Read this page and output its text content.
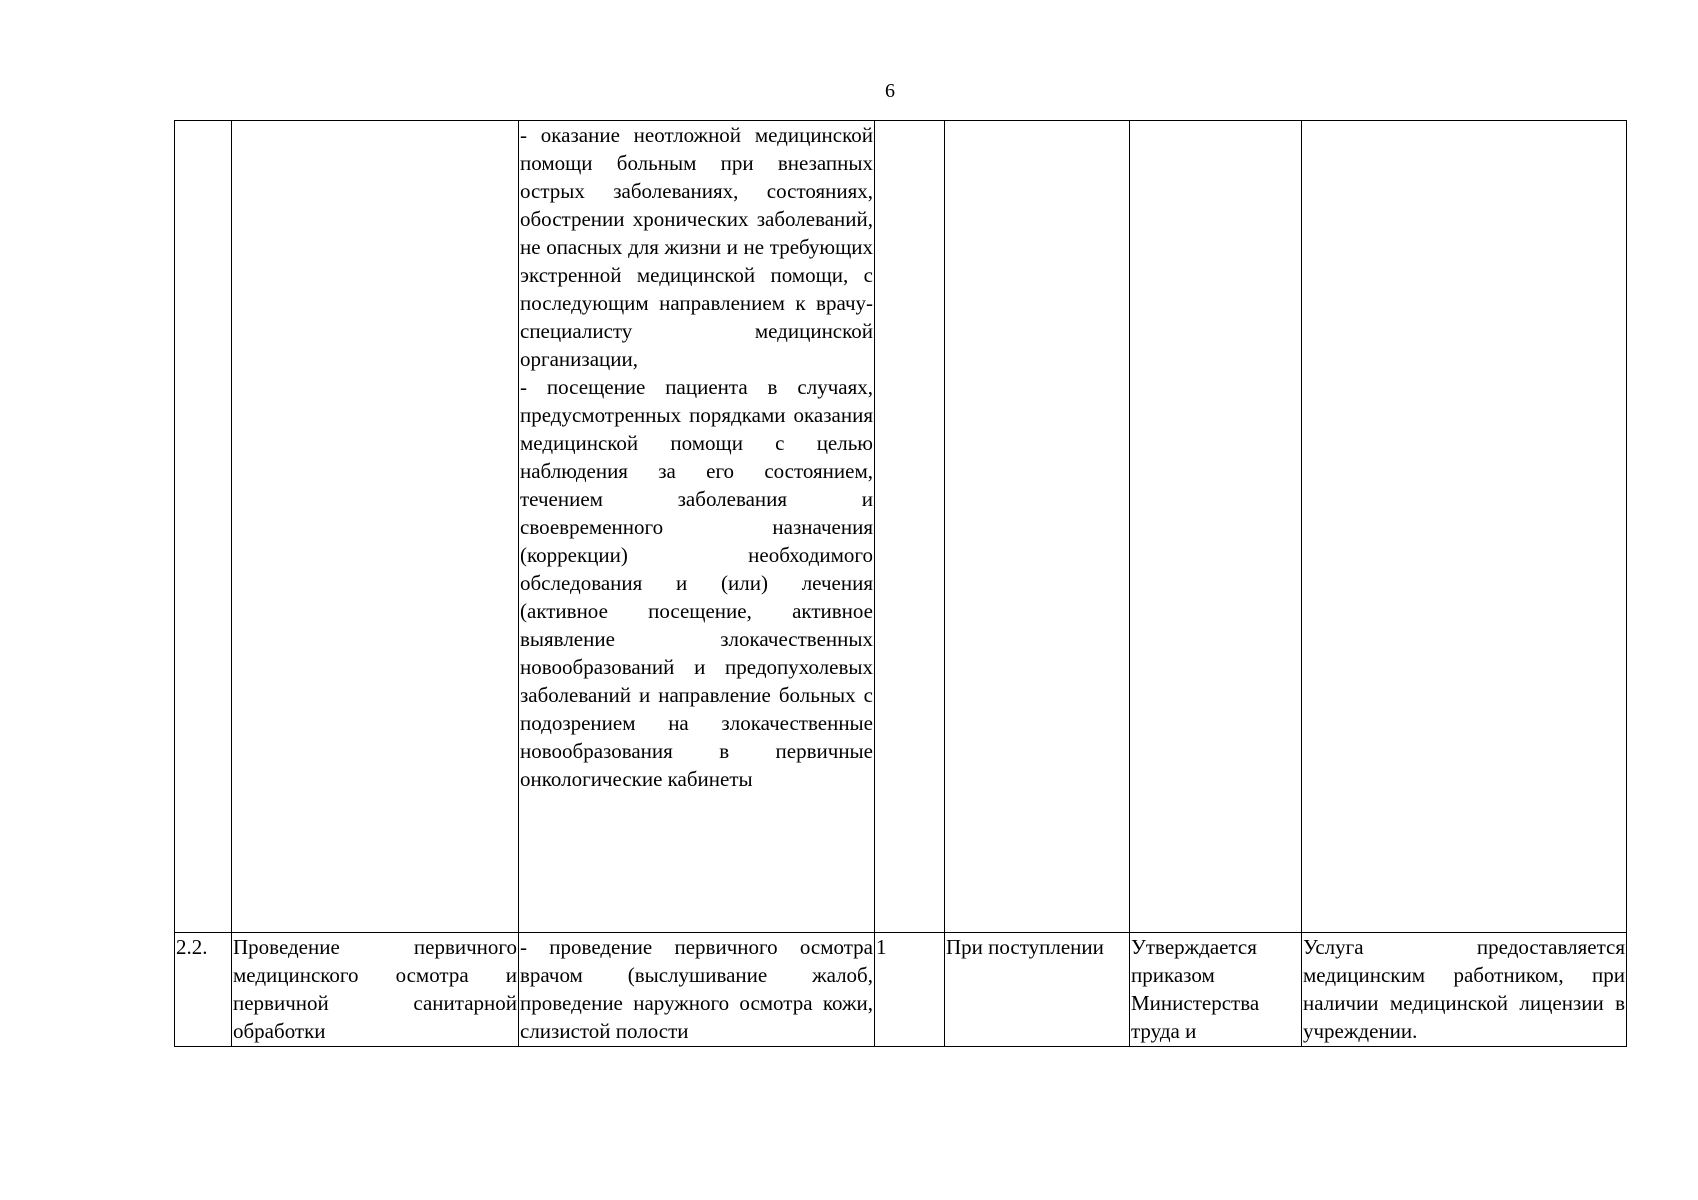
6

		- оказание неотложной медицинской помощи больным при внезапных острых заболеваниях, состояниях, обострении хронических заболеваний, не опасных для жизни и не требующих экстренной медицинской помощи, с последующим направлением к врачу-специалисту медицинской организации,
- посещение пациента в случаях, предусмотренных порядками оказания медицинской помощи с целью наблюдения за его состоянием, течением заболевания и своевременного назначения (коррекции) необходимого обследования и (или) лечения (активное посещение, активное выявление злокачественных новообразований и предопухолевых заболеваний и направление больных с подозрением на злокачественные новообразования в первичные онкологические кабинеты				

2.2.	Проведение первичного медицинского осмотра и первичной санитарной обработки	- проведение первичного осмотра врачом (выслушивание жалоб, проведение наружного осмотра кожи, слизистой полости	1	При поступлении	Утверждается приказом Министерства труда и	Услуга предоставляется медицинским работником, при наличии медицинской лицензии в учреждении.
